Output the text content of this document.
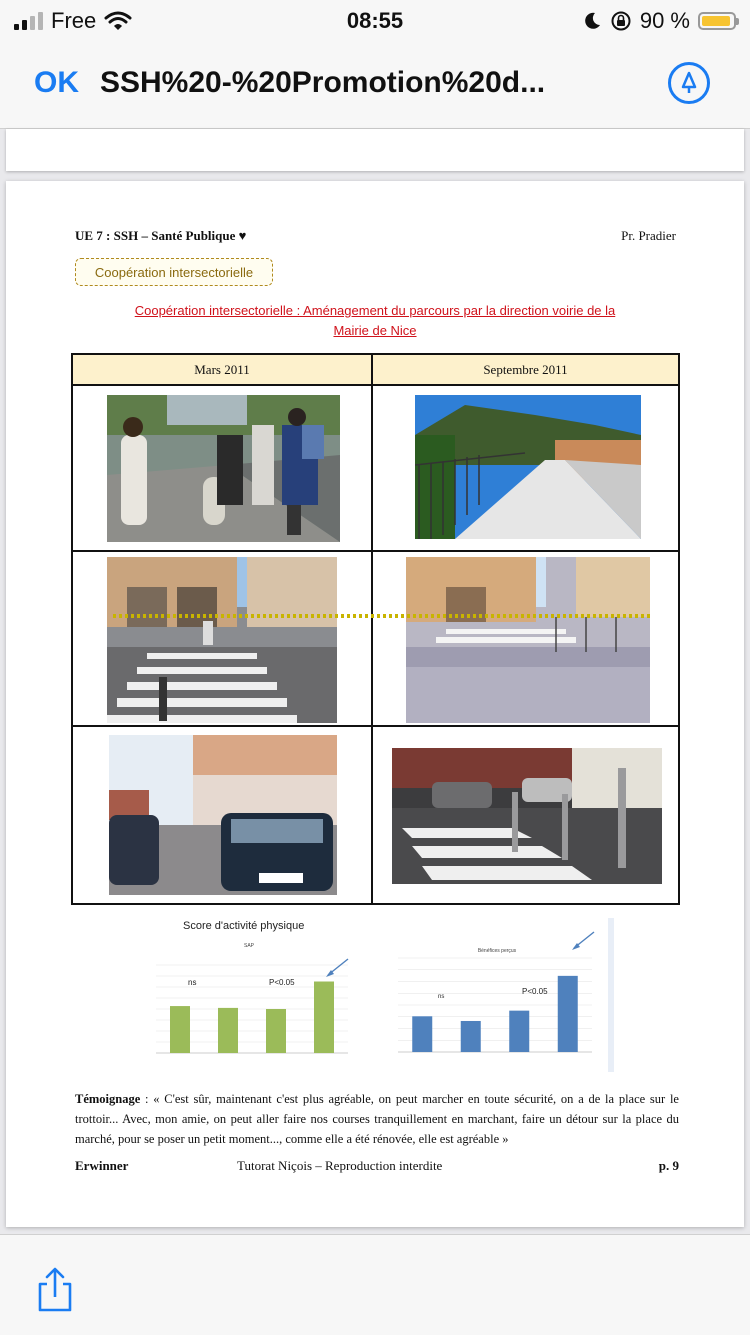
Free	08:55	90 %
OK SSH%20-%20Promotion%20d...
UE 7 : SSH – Santé Publique ♥	Pr. Pradier
Coopération intersectorielle
Coopération intersectorielle : Aménagement du parcours par la direction voirie de la
Mairie de Nice
Mars 2011	Septembre 2011
Score d'activité physique
SAP
ns	P<0.05
Bénéfices perçus
ns
P<0.05
Témoignage : « C'est sûr, maintenant c'est plus agréable, on peut marcher en toute sécurité, on a de la place sur le trottoir... Avec, mon amie, on peut aller faire nos courses tranquillement en marchant, faire un détour sur la place du marché, pour se poser un petit moment..., comme elle a été rénovée, elle est agréable »
Erwinner	Tutorat Niçois – Reproduction interdite	p. 9
